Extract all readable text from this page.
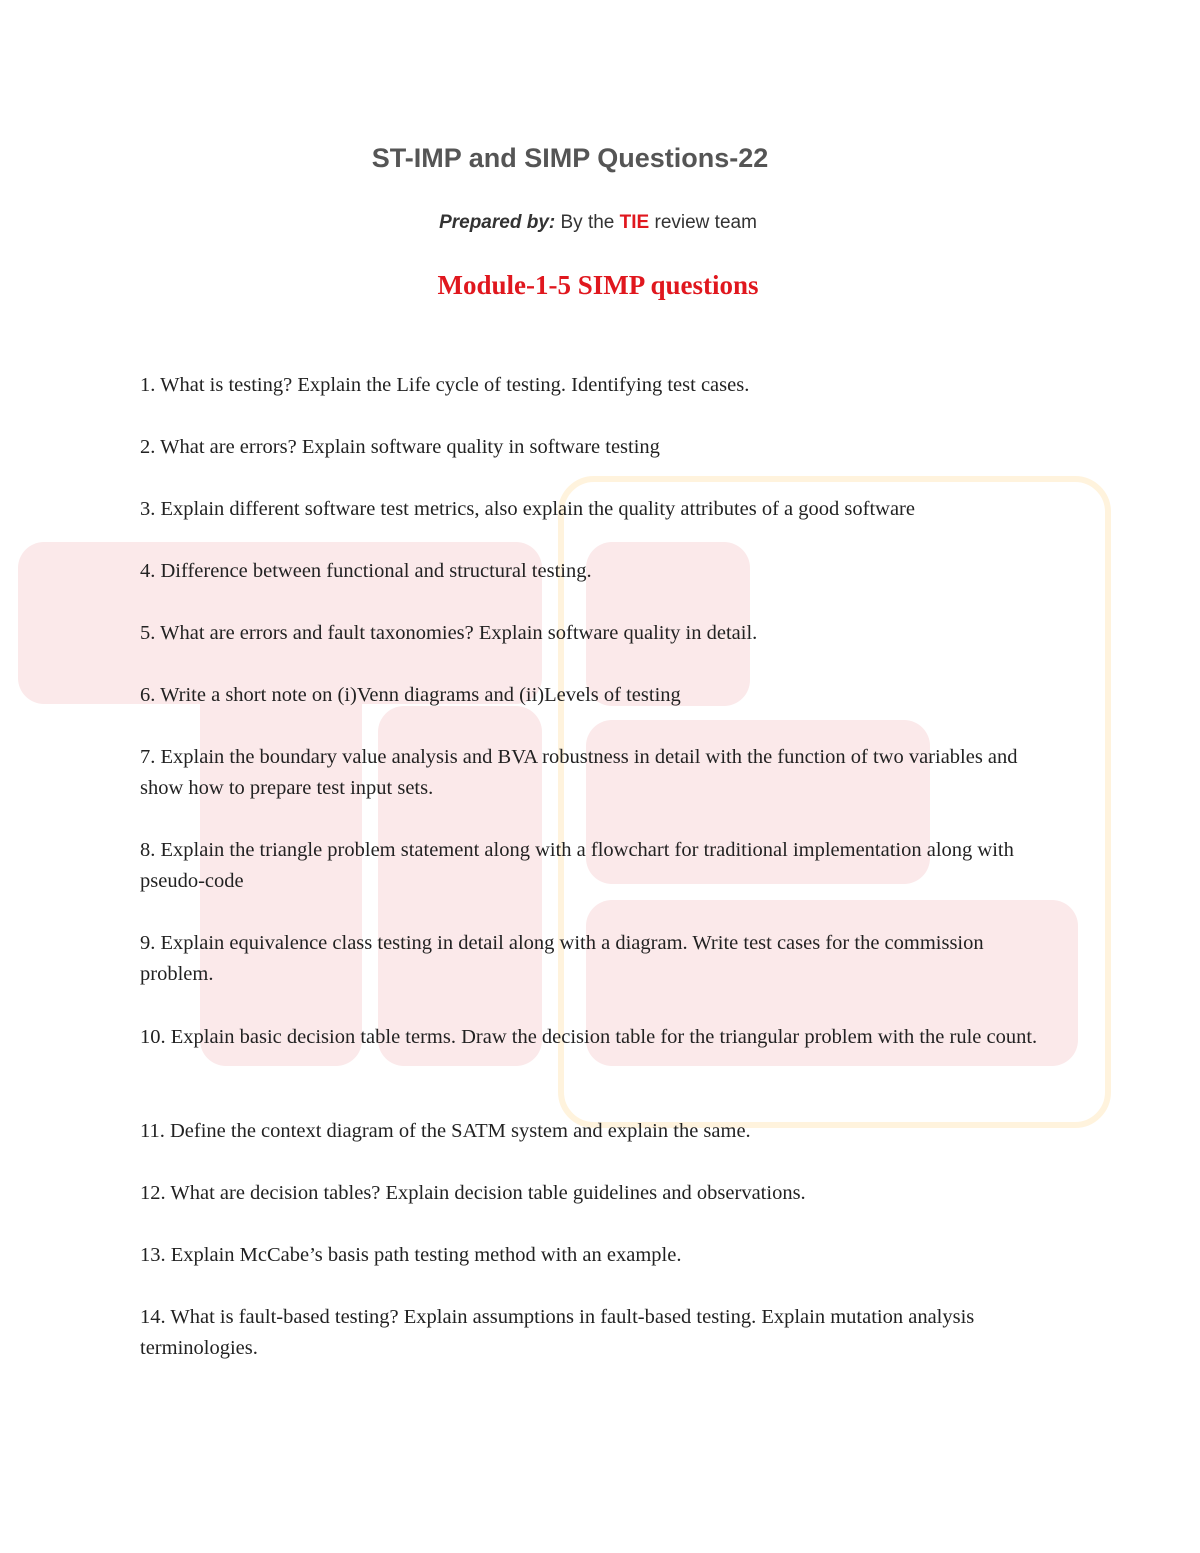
ST-IMP and SIMP Questions-22
Prepared by: By the TIE review team
Module-1-5 SIMP questions
1. What is testing? Explain the Life cycle of testing. Identifying test cases.
2. What are errors? Explain software quality in software testing
3. Explain different software test metrics, also explain the quality attributes of a good software
4. Difference between functional and structural testing.
5. What are errors and fault taxonomies? Explain software quality in detail.
6. Write a short note on (i)Venn diagrams and (ii)Levels of testing
7. Explain the boundary value analysis and BVA robustness in detail with the function of two variables and show how to prepare test input sets.
8. Explain the triangle problem statement along with a flowchart for traditional implementation along with pseudo-code
9. Explain equivalence class testing in detail along with a diagram. Write test cases for the commission problem.
10. Explain basic decision table terms. Draw the decision table for the triangular problem with the rule count.
11. Define the context diagram of the SATM system and explain the same.
12. What are decision tables? Explain decision table guidelines and observations.
13. Explain McCabe’s basis path testing method with an example.
14. What is fault-based testing? Explain assumptions in fault-based testing. Explain mutation analysis terminologies.
